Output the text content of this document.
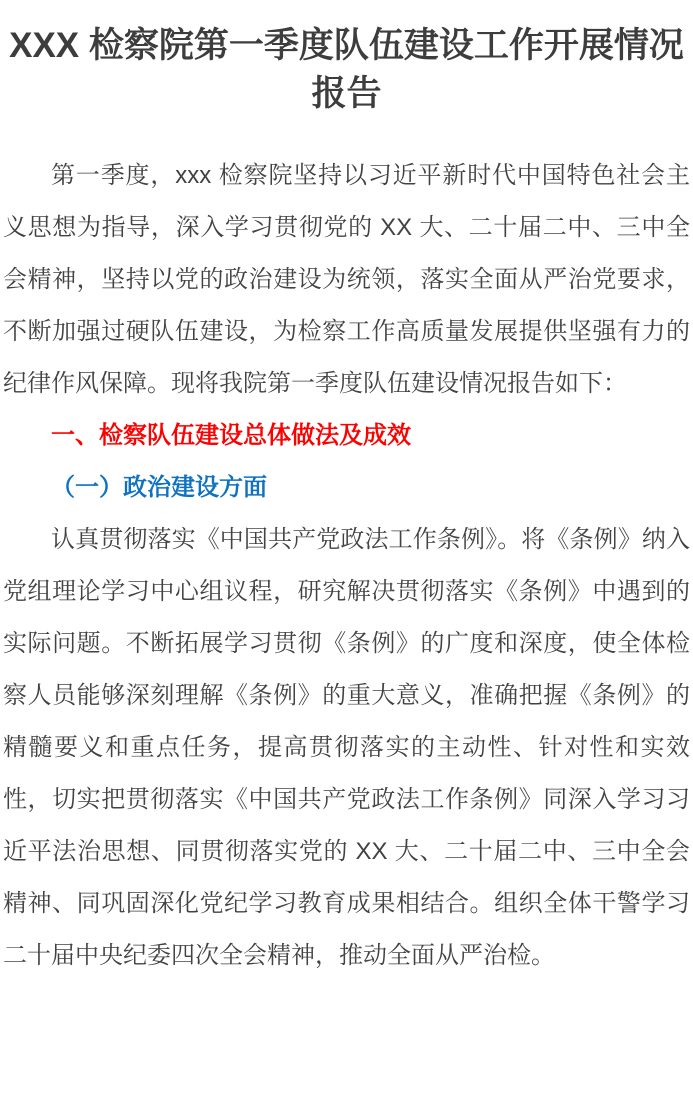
XXX 检察院第一季度队伍建设工作开展情况报告

第一季度，xxx 检察院坚持以习近平新时代中国特色社会主义思想为指导，深入学习贯彻党的 XX 大、二十届二中、三中全会精神，坚持以党的政治建设为统领，落实全面从严治党要求，不断加强过硬队伍建设，为检察工作高质量发展提供坚强有力的纪律作风保障。现将我院第一季度队伍建设情况报告如下：

一、检察队伍建设总体做法及成效
（一）政治建设方面

认真贯彻落实《中国共产党政法工作条例》。将《条例》纳入党组理论学习中心组议程，研究解决贯彻落实《条例》中遇到的实际问题。不断拓展学习贯彻《条例》的广度和深度，使全体检察人员能够深刻理解《条例》的重大意义，准确把握《条例》的精髓要义和重点任务，提高贯彻落实的主动性、针对性和实效性，切实把贯彻落实《中国共产党政法工作条例》同深入学习习近平法治思想、同贯彻落实党的 XX 大、二十届二中、三中全会精神、同巩固深化党纪学习教育成果相结合。组织全体干警学习二十届中央纪委四次全会精神，推动全面从严治检。
